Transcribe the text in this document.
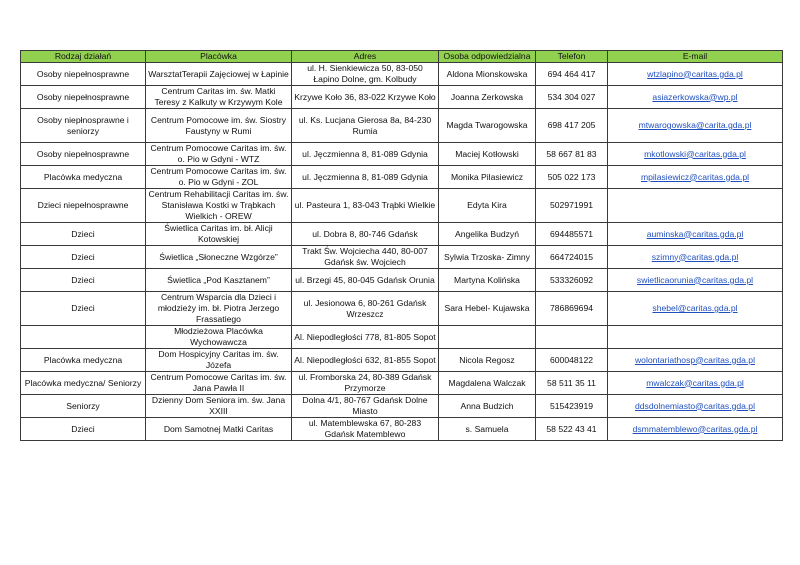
Rodzaj działań	Placówka	Adres	Osoba odpowiedzialna	Telefon	E-mail
Osoby niepełnosprawne	WarsztatTerapii Zajęciowej w Łapinie	ul. H. Sienkiewicza 50, 83-050 Łapino Dolne, gm. Kolbudy	Aldona Mionskowska	694 464 417	wtzlapino@caritas.gda.pl
Osoby niepełnosprawne	Centrum Caritas im. św. Matki Teresy z Kalkuty w Krzywym Kole	Krzywe Koło 36, 83-022 Krzywe Koło	Joanna Zerkowska	534 304 027	asiazerkowska@wp.pl
Osoby niepłnosprawne i seniorzy	Centrum Pomocowe im. św. Siostry Faustyny w Rumi	ul. Ks. Lucjana Gierosa 8a, 84-230 Rumia	Magda Twarogowska	698 417 205	mtwarogowska@carita.gda.pl
Osoby niepełnosprawne	Centrum Pomocowe Caritas im. św. o. Pio w Gdyni - WTZ	ul. Jęczmienna 8, 81-089 Gdynia	Maciej Kotłowski	58 667 81 83	mkotlowski@caritas.gda.pl
Placówka medyczna	Centrum Pomocowe Caritas im. św. o. Pio w Gdyni - ZOL	ul. Jęczmienna 8, 81-089 Gdynia	Monika Pilasiewicz	505 022 173	mpilasiewicz@caritas.gda.pl
Dzieci niepełnosprawne	Centrum Rehabilitacji Caritas im. św. Stanisława Kostki w Trąbkach Wielkich - OREW	ul. Pasteura 1, 83-043 Trąbki Wielkie	Edyta Kira	502971991	
Dzieci	Świetlica Caritas im. bł. Alicji Kotowskiej	ul. Dobra 8, 80-746 Gdańsk	Angelika Budzyń	694485571	auminska@caritas.gda.pl
Dzieci	Świetlica „Słoneczne Wzgórze”	Trakt Św. Wojciecha 440, 80-007 Gdańsk św. Wojciech	Sylwia Trzoska- Zimny	664724015	szimny@caritas.gda.pl
Dzieci	Świetlica „Pod Kasztanem”	ul. Brzegi 45, 80-045 Gdańsk Orunia	Martyna Kolińska	533326092	swietlicaorunia@caritas.gda.pl
Dzieci	Centrum Wsparcia dla Dzieci i młodzieży im. bł. Piotra Jerzego Frassatiego	ul. Jesionowa 6, 80-261 Gdańsk Wrzeszcz	Sara Hebel- Kujawska	786869694	shebel@caritas.gda.pl
	Młodzieżowa Placówka Wychowawcza	Al. Niepodległości 778, 81-805 Sopot			
Placówka medyczna	Dom Hospicyjny Caritas im. św. Józefa	Al. Niepodległości 632, 81-855 Sopot	Nicola Regosz	600048122	wolontariathosp@caritas.gda.pl
Placówka medyczna/ Seniorzy	Centrum Pomocowe Caritas im. św. Jana Pawła II	ul. Fromborska 24, 80-389 Gdańsk Przymorze	Magdalena Walczak	58 511 35 11	mwalczak@caritas.gda.pl
Seniorzy	Dzienny Dom Seniora im. św. Jana XXIII	Dolna 4/1, 80-767 Gdańsk Dolne Miasto	Anna Budzich	515423919	ddsdolnemiasto@caritas.gda.pl
Dzieci	Dom Samotnej Matki Caritas	ul. Matemblewska 67, 80-283 Gdańsk Matemblewo	s. Samuela	58 522 43 41	dsmmatemblewo@caritas.gda.pl
